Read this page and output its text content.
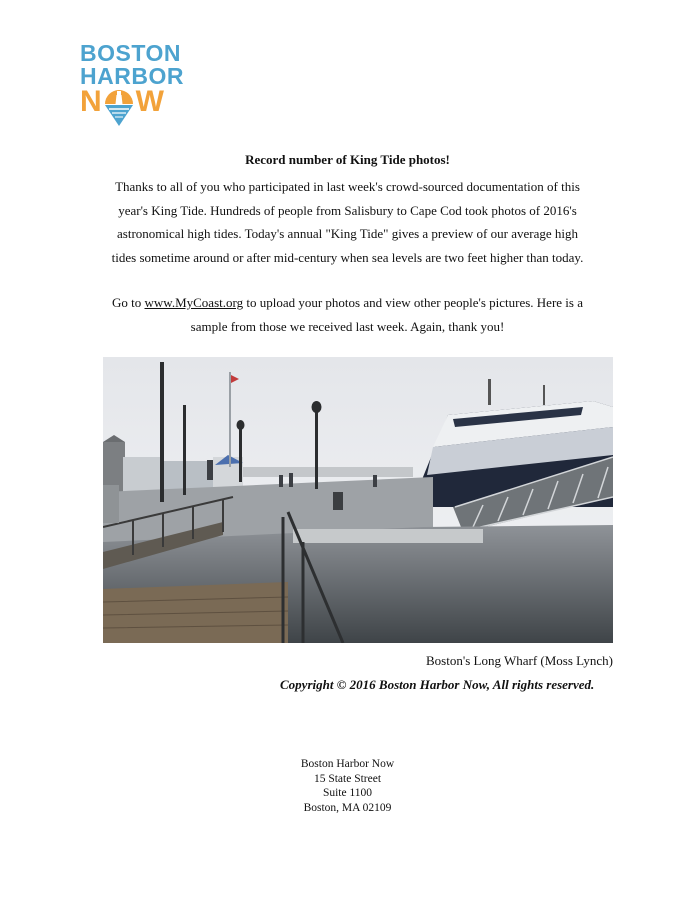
BOSTON
HARBOR
N W
Record number of King Tide photos!
Thanks to all of you who participated in last week's crowd-sourced documentation of this
year's King Tide. Hundreds of people from Salisbury to Cape Cod took photos of 2016's
astronomical high tides. Today's annual "King Tide" gives a preview of our average high
tides sometime around or after mid-century when sea levels are two feet higher than today.
Go to www.MyCoast.org to upload your photos and view other people's pictures. Here is a
sample from those we received last week. Again, thank you!
Boston's Long Wharf (Moss Lynch)
Copyright © 2016 Boston Harbor Now, All rights reserved.
Boston Harbor Now
15 State Street
Suite 1100
Boston, MA 02109
